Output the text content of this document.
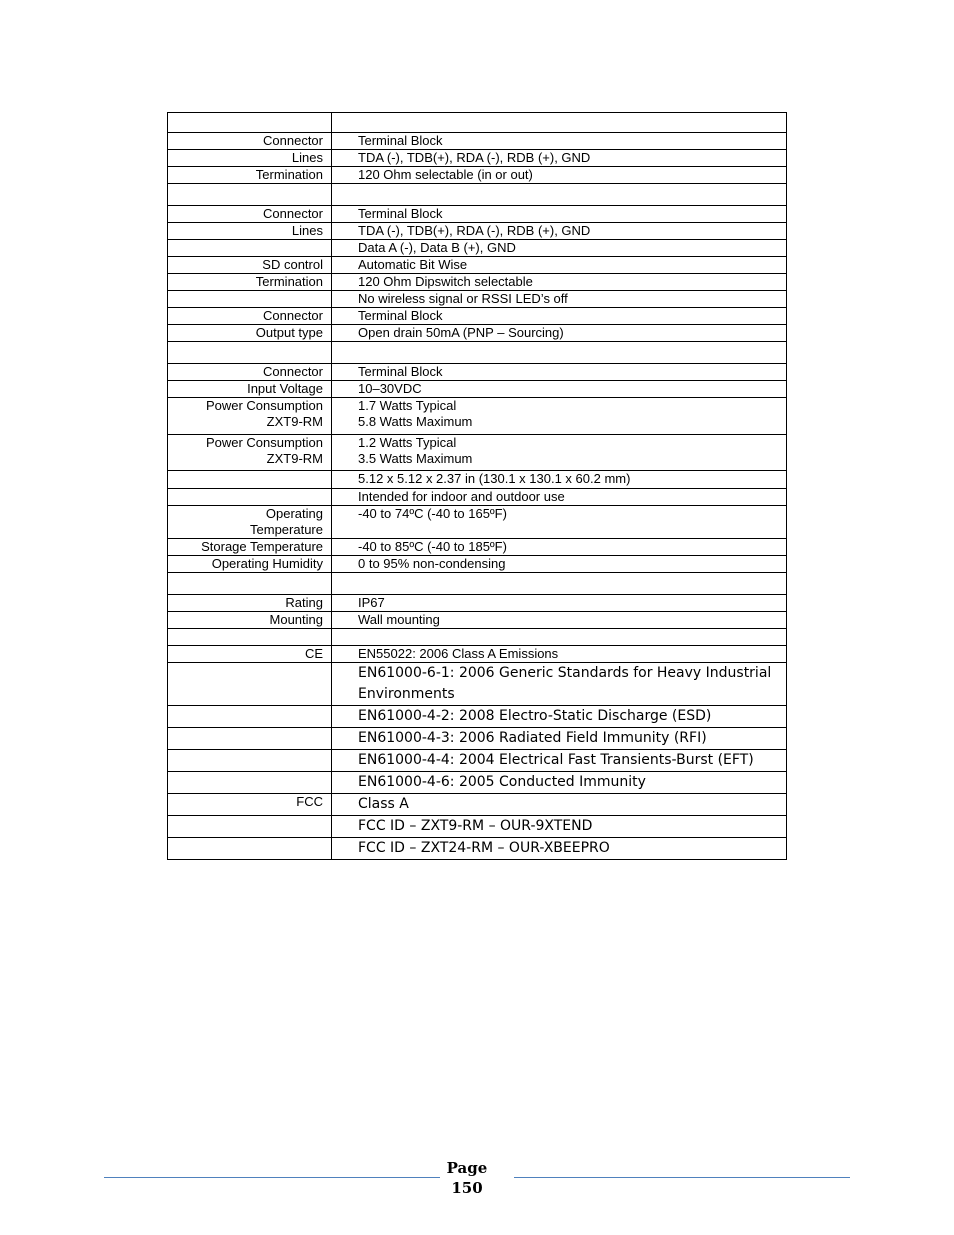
Connector	Terminal Block

Lines	TDA (-), TDB(+), RDA (-), RDB (+), GND

Termination	120 Ohm selectable (in or out)

Connector	Terminal Block

Lines	TDA (-), TDB(+), RDA (-), RDB (+), GND

	Data A (-), Data B (+), GND

SD control	Automatic Bit Wise

Termination	120 Ohm Dipswitch selectable

	No wireless signal or RSSI LED’s off

Connector	Terminal Block

Output type	Open drain 50mA (PNP – Sourcing)

Connector	Terminal Block

Input Voltage	10–30VDC

Power Consumption
ZXT9-RM	1.7 Watts Typical
5.8 Watts Maximum

Power Consumption
ZXT9-RM	1.2 Watts Typical
3.5 Watts Maximum

	5.12 x 5.12 x 2.37 in (130.1 x 130.1 x 60.2 mm)

	Intended for indoor and outdoor use

Operating
Temperature	-40 to 74ºC (-40 to 165ºF)

Storage Temperature	-40 to 85ºC (-40 to 185ºF)

Operating Humidity	0 to 95% non-condensing

Rating	IP67

Mounting	Wall mounting

CE	EN55022: 2006 Class A Emissions

	EN61000-6-1: 2006 Generic Standards for Heavy Industrial Environments

	EN61000-4-2: 2008 Electro-Static Discharge (ESD)

	EN61000-4-3: 2006 Radiated Field Immunity (RFI)

	EN61000-4-4: 2004 Electrical Fast Transients-Burst (EFT)

	EN61000-4-6: 2005 Conducted Immunity

FCC	Class A

	FCC ID – ZXT9-RM – OUR-9XTEND

	FCC ID – ZXT24-RM – OUR-XBEEPRO
Page
150
